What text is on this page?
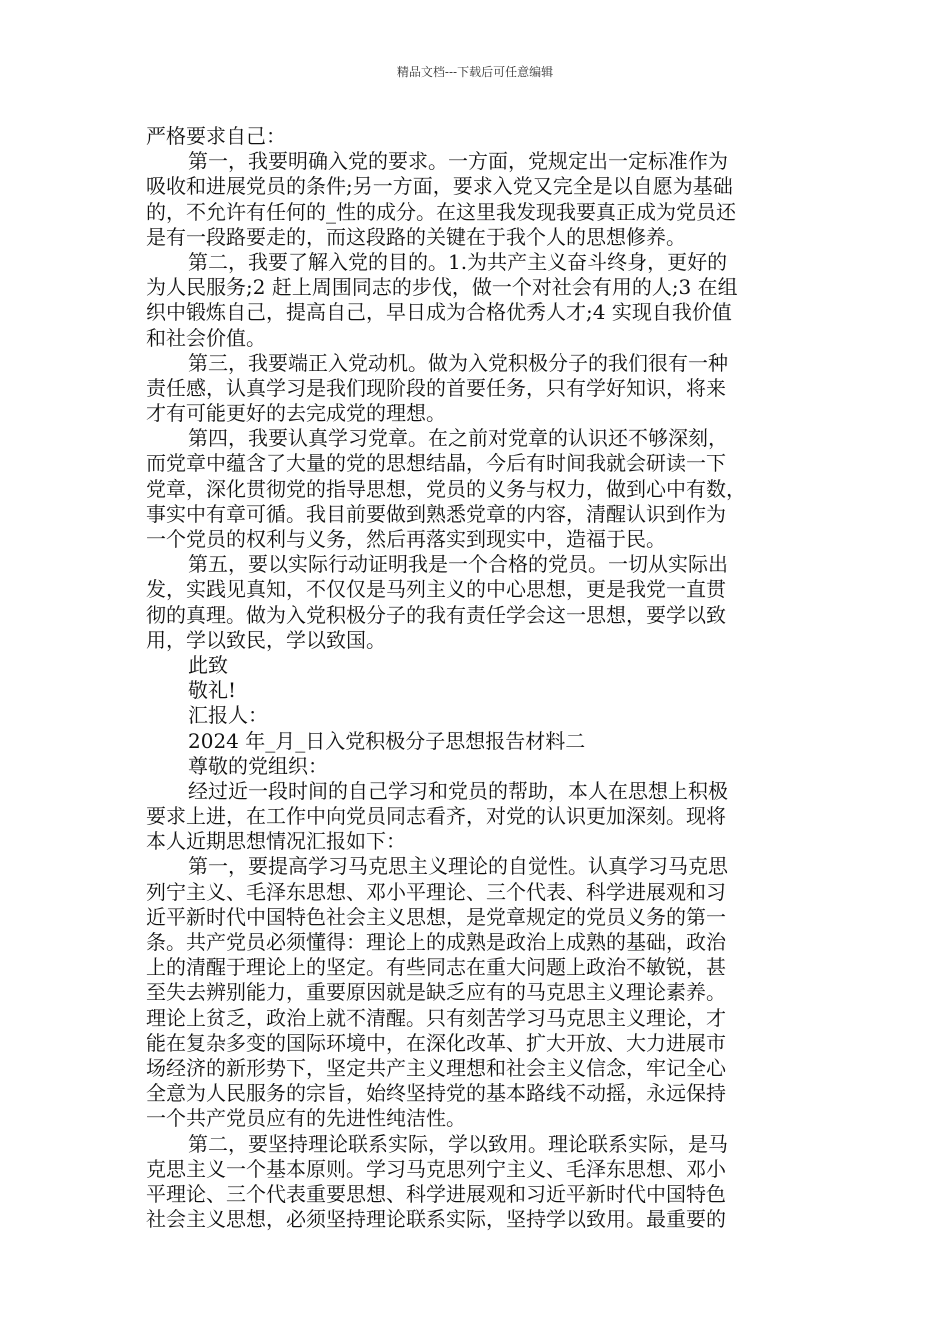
精品文档---下载后可任意编辑
严格要求自己：
第一，我要明确入党的要求。一方面，党规定出一定标准作为
吸收和进展党员的条件;另一方面，要求入党又完全是以自愿为基础
的，不允许有任何的_性的成分。在这里我发现我要真正成为党员还
是有一段路要走的，而这段路的关键在于我个人的思想修养。
第二，我要了解入党的目的。1.为共产主义奋斗终身，更好的
为人民服务;2 赶上周围同志的步伐，做一个对社会有用的人;3 在组
织中锻炼自己，提高自己，早日成为合格优秀人才;4 实现自我价值
和社会价值。
第三，我要端正入党动机。做为入党积极分子的我们很有一种
责任感，认真学习是我们现阶段的首要任务，只有学好知识，将来
才有可能更好的去完成党的理想。
第四，我要认真学习党章。在之前对党章的认识还不够深刻，
而党章中蕴含了大量的党的思想结晶，今后有时间我就会研读一下
党章，深化贯彻党的指导思想，党员的义务与权力，做到心中有数，
事实中有章可循。我目前要做到熟悉党章的内容，清醒认识到作为
一个党员的权利与义务，然后再落实到现实中，造福于民。
第五，要以实际行动证明我是一个合格的党员。一切从实际出
发，实践见真知，不仅仅是马列主义的中心思想，更是我党一直贯
彻的真理。做为入党积极分子的我有责任学会这一思想，要学以致
用，学以致民，学以致国。
此致
敬礼!
汇报人：
2024 年_月_日入党积极分子思想报告材料二
尊敬的党组织：
经过近一段时间的自己学习和党员的帮助，本人在思想上积极
要求上进，在工作中向党员同志看齐，对党的认识更加深刻。现将
本人近期思想情况汇报如下：
第一，要提高学习马克思主义理论的自觉性。认真学习马克思
列宁主义、毛泽东思想、邓小平理论、三个代表、科学进展观和习
近平新时代中国特色社会主义思想，是党章规定的党员义务的第一
条。共产党员必须懂得：理论上的成熟是政治上成熟的基础，政治
上的清醒于理论上的坚定。有些同志在重大问题上政治不敏锐，甚
至失去辨别能力，重要原因就是缺乏应有的马克思主义理论素养。
理论上贫乏，政治上就不清醒。只有刻苦学习马克思主义理论，才
能在复杂多变的国际环境中，在深化改革、扩大开放、大力进展市
场经济的新形势下，坚定共产主义理想和社会主义信念，牢记全心
全意为人民服务的宗旨，始终坚持党的基本路线不动摇，永远保持
一个共产党员应有的先进性纯洁性。
第二，要坚持理论联系实际，学以致用。理论联系实际，是马
克思主义一个基本原则。学习马克思列宁主义、毛泽东思想、邓小
平理论、三个代表重要思想、科学进展观和习近平新时代中国特色
社会主义思想，必须坚持理论联系实际，坚持学以致用。最重要的
